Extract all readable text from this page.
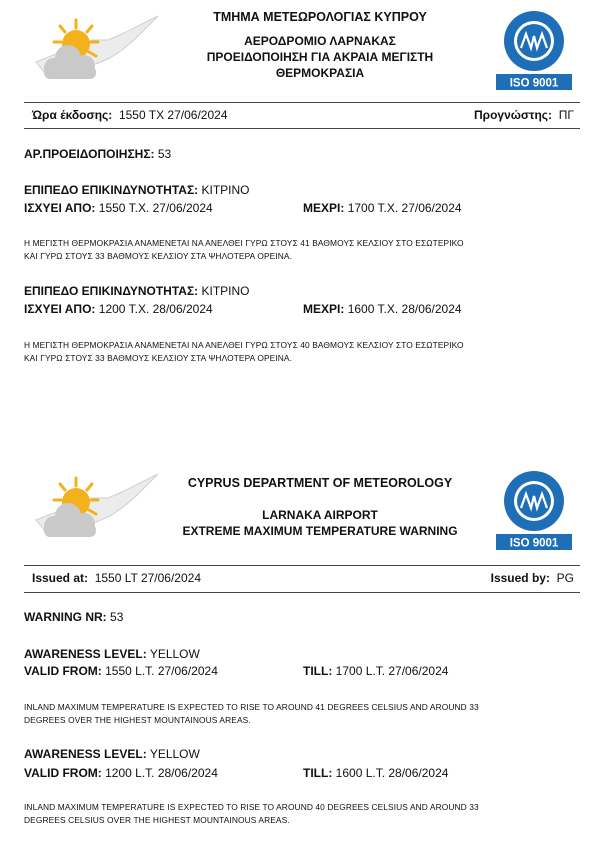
ΤΜΗΜΑ ΜΕΤΕΩΡΟΛΟΓΙΑΣ ΚΥΠΡΟΥ
ΑΕΡΟΔΡΟΜΙΟ ΛΑΡΝΑΚΑΣ
ΠΡΟΕΙΔΟΠΟΙΗΣΗ ΓΙΑ ΑΚΡΑΙΑ ΜΕΓΙΣΤΗ
ΘΕΡΜΟΚΡΑΣΙΑ
ISO 9001
Ώρα έκδοσης: 1550 ΤΧ 27/06/2024	Προγνώστης: ΠΓ
ΑΡ.ΠΡΟΕΙΔΟΠΟΙΗΣΗΣ: 53
ΕΠΙΠΕΔΟ ΕΠΙΚΙΝΔΥΝΟΤΗΤΑΣ: ΚΙΤΡΙΝΟ
ΙΣΧΥΕΙ ΑΠΟ: 1550 Τ.Χ. 27/06/2024	ΜΕΧΡΙ: 1700 Τ.Χ. 27/06/2024
Η ΜΕΓΙΣΤΗ ΘΕΡΜΟΚΡΑΣΙΑ ΑΝΑΜΕΝΕΤΑΙ ΝΑ ΑΝΕΛΘΕΙ ΓΥΡΩ ΣΤΟΥΣ 41 ΒΑΘΜΟΥΣ ΚΕΛΣΙΟΥ ΣΤΟ ΕΣΩΤΕΡΙΚΟ
ΚΑΙ ΓΥΡΩ ΣΤΟΥΣ 33 ΒΑΘΜΟΥΣ ΚΕΛΣΙΟΥ ΣΤΑ ΨΗΛΟΤΕΡΑ ΟΡΕΙΝΑ.
ΕΠΙΠΕΔΟ ΕΠΙΚΙΝΔΥΝΟΤΗΤΑΣ: ΚΙΤΡΙΝΟ
ΙΣΧΥΕΙ ΑΠΟ: 1200 Τ.Χ. 28/06/2024	ΜΕΧΡΙ: 1600 Τ.Χ. 28/06/2024
Η ΜΕΓΙΣΤΗ ΘΕΡΜΟΚΡΑΣΙΑ ΑΝΑΜΕΝΕΤΑΙ ΝΑ ΑΝΕΛΘΕΙ ΓΥΡΩ ΣΤΟΥΣ 40 ΒΑΘΜΟΥΣ ΚΕΛΣΙΟΥ ΣΤΟ ΕΣΩΤΕΡΙΚΟ
ΚΑΙ ΓΥΡΩ ΣΤΟΥΣ 33 ΒΑΘΜΟΥΣ ΚΕΛΣΙΟΥ ΣΤΑ ΨΗΛΟΤΕΡΑ ΟΡΕΙΝΑ.
CYPRUS DEPARTMENT OF METEOROLOGY
LARNAKA AIRPORT
EXTREME MAXIMUM TEMPERATURE WARNING
ISO 9001
Issued at: 1550 LT 27/06/2024	Issued by: PG
WARNING NR: 53
AWARENESS LEVEL: YELLOW
VALID FROM: 1550 L.T. 27/06/2024	TILL: 1700 L.T. 27/06/2024
INLAND MAXIMUM TEMPERATURE IS EXPECTED TO RISE TO AROUND 41 DEGREES CELSIUS AND AROUND 33
DEGREES OVER THE HIGHEST MOUNTAINOUS AREAS.
AWARENESS LEVEL: YELLOW
VALID FROM: 1200 L.T. 28/06/2024	TILL: 1600 L.T. 28/06/2024
INLAND MAXIMUM TEMPERATURE IS EXPECTED TO RISE TO AROUND 40 DEGREES CELSIUS AND AROUND 33
DEGREES CELSIUS OVER THE HIGHEST MOUNTAINOUS AREAS.
